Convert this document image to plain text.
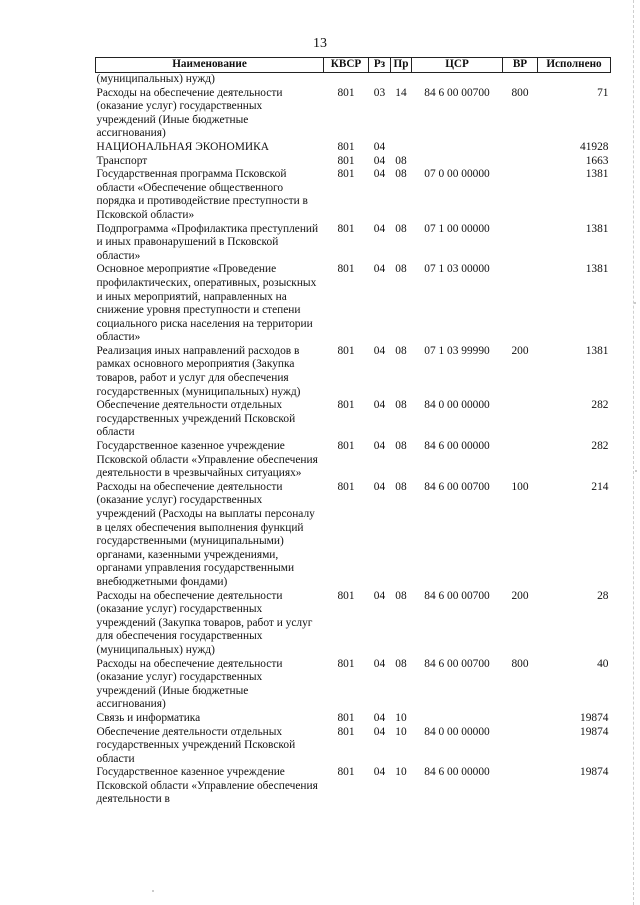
13
Наименование	КВСР	Рз	Пр	ЦСР	ВР	Исполнено
(муниципальных) нужд)						
Расходы на обеспечение деятельности (оказание услуг) государственных учреждений (Иные бюджетные ассигнования)	801	03	14	84 6 00 00700	800	71
НАЦИОНАЛЬНАЯ ЭКОНОМИКА	801	04				41928
Транспорт	801	04	08			1663
Государственная программа Псковской области «Обеспечение общественного порядка и противодействие преступности в Псковской области»	801	04	08	07 0 00 00000		1381
Подпрограмма «Профилактика преступлений и иных правонарушений в Псковской области»	801	04	08	07 1 00 00000		1381
Основное мероприятие «Проведение профилактических, оперативных, розыскных и иных мероприятий, направленных на снижение уровня преступности и степени социального риска населения на территории области»	801	04	08	07 1 03 00000		1381
Реализация иных направлений расходов в рамках основного мероприятия (Закупка товаров, работ и услуг для обеспечения государственных (муниципальных) нужд)	801	04	08	07 1 03 99990	200	1381
Обеспечение деятельности отдельных государственных учреждений Псковской области	801	04	08	84 0 00 00000		282
Государственное казенное учреждение Псковской области «Управление обеспечения деятельности в чрезвычайных ситуациях»	801	04	08	84 6 00 00000		282
Расходы на обеспечение деятельности (оказание услуг) государственных учреждений (Расходы на выплаты персоналу в целях обеспечения выполнения функций государственными (муниципальными) органами, казенными учреждениями, органами управления государственными внебюджетными фондами)	801	04	08	84 6 00 00700	100	214
Расходы на обеспечение деятельности (оказание услуг) государственных учреждений (Закупка товаров, работ и услуг для обеспечения государственных (муниципальных) нужд)	801	04	08	84 6 00 00700	200	28
Расходы на обеспечение деятельности (оказание услуг) государственных учреждений (Иные бюджетные ассигнования)	801	04	08	84 6 00 00700	800	40
Связь и информатика	801	04	10			19874
Обеспечение деятельности отдельных государственных учреждений Псковской области	801	04	10	84 0 00 00000		19874
Государственное казенное учреждение Псковской области «Управление обеспечения деятельности в	801	04	10	84 6 00 00000		19874
